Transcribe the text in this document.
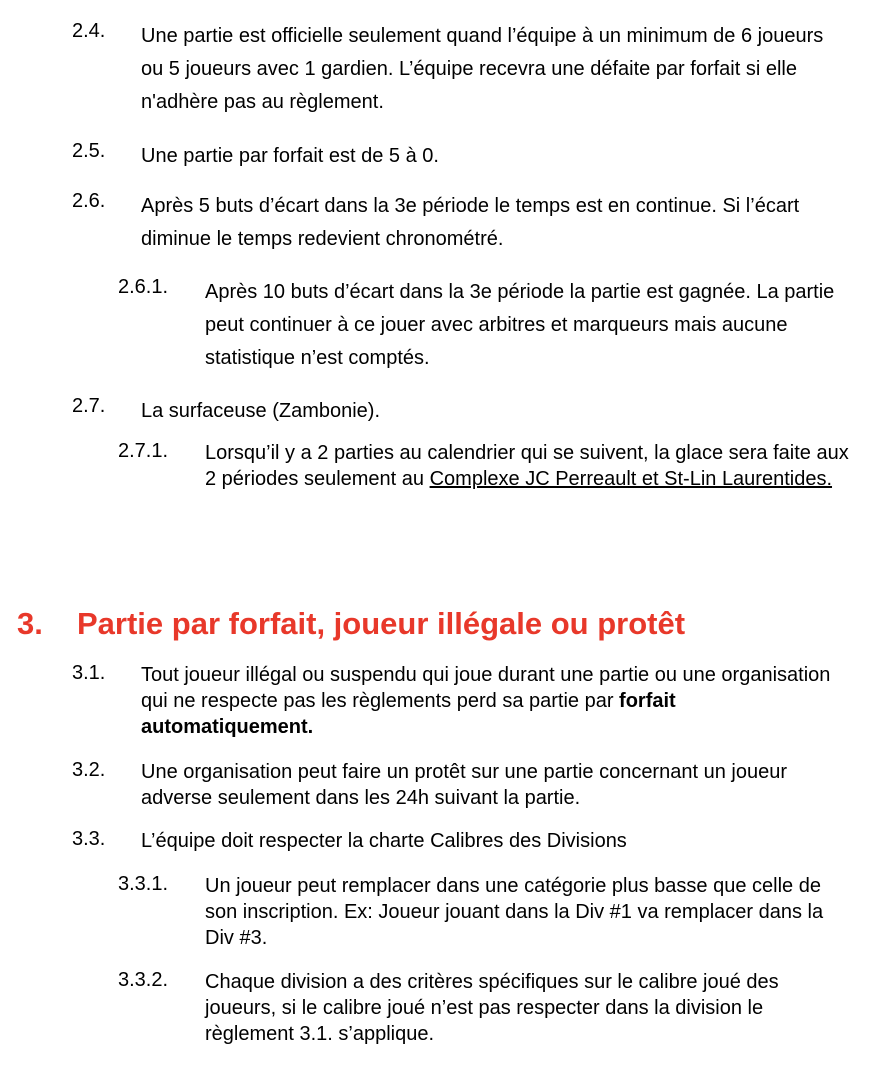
2.4. Une partie est officielle seulement quand l’équipe à un minimum de 6 joueurs ou 5 joueurs avec 1 gardien. L’équipe recevra une défaite par forfait si elle n'adhère pas au règlement.
2.5. Une partie par forfait est de 5 à 0.
2.6. Après 5 buts d’écart dans la 3e période le temps est en continue. Si l’écart diminue le temps redevient chronométré.
2.6.1. Après 10 buts d’écart dans la 3e période la partie est gagnée. La partie peut continuer à ce jouer avec arbitres et marqueurs mais aucune statistique n’est comptés.
2.7. La surfaceuse (Zambonie).
2.7.1. Lorsqu’il y a 2 parties au calendrier qui se suivent, la glace sera faite aux 2 périodes seulement au Complexe JC Perreault et St-Lin Laurentides.
3. Partie par forfait, joueur illégale ou protêt
3.1. Tout joueur illégal ou suspendu qui joue durant une partie ou une organisation qui ne respecte pas les règlements perd sa partie par forfait automatiquement.
3.2. Une organisation peut faire un protêt sur une partie concernant un joueur adverse seulement dans les 24h suivant la partie.
3.3. L’équipe doit respecter la charte Calibres des Divisions
3.3.1. Un joueur peut remplacer dans une catégorie plus basse que celle de son inscription. Ex: Joueur jouant dans la Div #1 va remplacer dans la Div #3.
3.3.2. Chaque division a des critères spécifiques sur le calibre joué des joueurs, si le calibre joué n’est pas respecter dans la division le règlement 3.1. s’applique.
